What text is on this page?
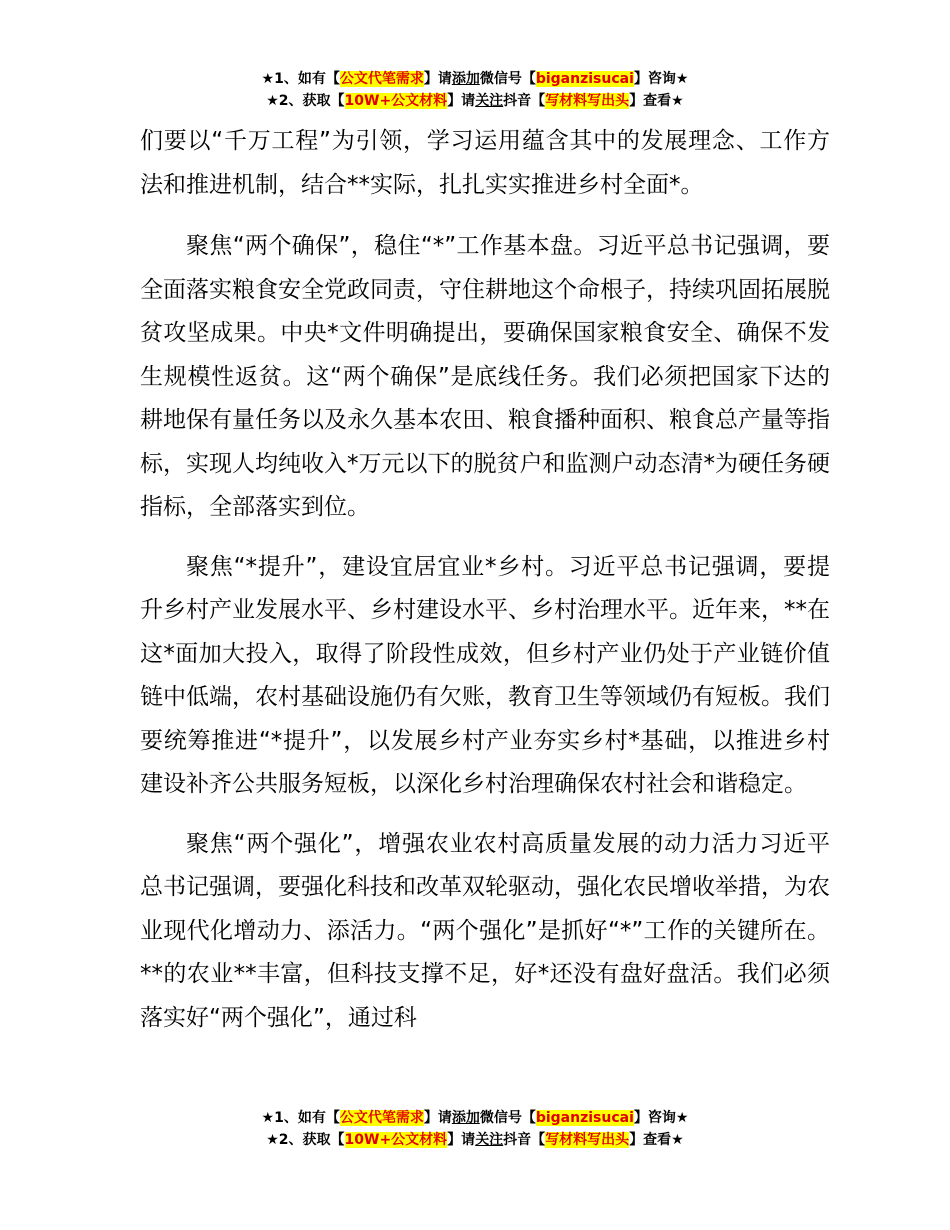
★1、如有【公文代笔需求】请添加微信号【biganzisucai】咨询★
★2、获取【10W+公文材料】请关注抖音【写材料写出头】查看★

们要以“千万工程”为引领，学习运用蕴含其中的发展理念、工作方法和推进机制，结合**实际，扎扎实实推进乡村全面*。

聚焦“两个确保”，稳住“*”工作基本盘。习近平总书记强调，要全面落实粮食安全党政同责，守住耕地这个命根子，持续巩固拓展脱贫攻坚成果。中央*文件明确提出，要确保国家粮食安全、确保不发生规模性返贫。这“两个确保”是底线任务。我们必须把国家下达的耕地保有量任务以及永久基本农田、粮食播种面积、粮食总产量等指标，实现人均纯收入*万元以下的脱贫户和监测户动态清*为硬任务硬指标，全部落实到位。

聚焦“*提升”，建设宜居宜业*乡村。习近平总书记强调，要提升乡村产业发展水平、乡村建设水平、乡村治理水平。近年来，**在这*面加大投入，取得了阶段性成效，但乡村产业仍处于产业链价值链中低端，农村基础设施仍有欠账，教育卫生等领域仍有短板。我们要统筹推进“*提升”，以发展乡村产业夯实乡村*基础，以推进乡村建设补齐公共服务短板，以深化乡村治理确保农村社会和谐稳定。

聚焦“两个强化”，增强农业农村高质量发展的动力活力习近平总书记强调，要强化科技和改革双轮驱动，强化农民增收举措，为农业现代化增动力、添活力。“两个强化”是抓好“*”工作的关键所在。**的农业**丰富，但科技支撑不足，好*还没有盘好盘活。我们必须落实好“两个强化”，通过科

★1、如有【公文代笔需求】请添加微信号【biganzisucai】咨询★
★2、获取【10W+公文材料】请关注抖音【写材料写出头】查看★
